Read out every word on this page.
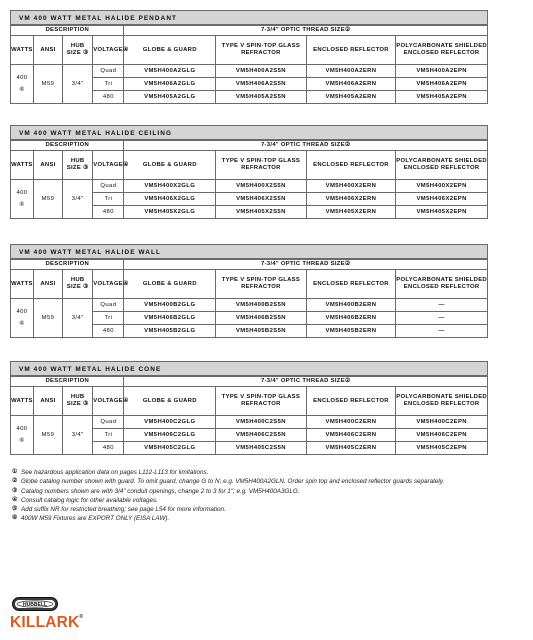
VM 400 WATT METAL HALIDE PENDANT
DESCRIPTION				7-3/4" OPTIC THREAD SIZE②			
WATTS	ANSI	HUB SIZE ③	VOLTAGE④	GLOBE & GUARD	TYPE V SPIN-TOP GLASS REFRACTOR	ENCLOSED REFLECTOR	POLYCARBONATE SHIELDED ENCLOSED REFLECTOR

400
⑥	M59	3/4"	Quad	VM5H400A2GLG	VM5H400A2S5N	VM5H400A2ERN	VM5H400A2EPN
			Tri	VM5H406A2GLG	VM5H406A2S5N	VM5H406A2ERN	VM5H406A2EPN
			480	VM5H405A2GLG	VM5H405A2S5N	VM5H405A2ERN	VM5H405A2EPN
VM 400 WATT METAL HALIDE CEILING
DESCRIPTION				7-3/4" OPTIC THREAD SIZE②			
WATTS	ANSI	HUB SIZE ③	VOLTAGE④	GLOBE & GUARD	TYPE V SPIN-TOP GLASS REFRACTOR	ENCLOSED REFLECTOR	POLYCARBONATE SHIELDED ENCLOSED REFLECTOR

400
⑥	M59	3/4"	Quad	VM5H400X2GLG	VM5H400X2S5N	VM5H400X2ERN	VM5H400X2EPN
			Tri	VM5H406X2GLG	VM5H406X2S5N	VM5H406X2ERN	VM5H406X2EPN
			480	VM5H405X2GLG	VM5H405X2S5N	VM5H405X2ERN	VM5H405X2EPN
VM 400 WATT METAL HALIDE WALL
DESCRIPTION				7-3/4" OPTIC THREAD SIZE②			
WATTS	ANSI	HUB SIZE ③	VOLTAGE④	GLOBE & GUARD	TYPE V SPIN-TOP GLASS REFRACTOR	ENCLOSED REFLECTOR	POLYCARBONATE SHIELDED ENCLOSED REFLECTOR

400
⑥	M59	3/4"	Quad	VM5H400B2GLG	VM5H400B2S5N	VM5H400B2ERN	—
			Tri	VM5H406B2GLG	VM5H406B2S5N	VM5H406B2ERN	—
			480	VM5H405B2GLG	VM5H405B2S5N	VM5H405B2ERN	—
VM 400 WATT METAL HALIDE CONE
DESCRIPTION				7-3/4" OPTIC THREAD SIZE②			
WATTS	ANSI	HUB SIZE ③	VOLTAGE④	GLOBE & GUARD	TYPE V SPIN-TOP GLASS REFRACTOR	ENCLOSED REFLECTOR	POLYCARBONATE SHIELDED ENCLOSED REFLECTOR

400
⑥	M59	3/4"	Quad	VM5H400C2GLG	VM5H400C2S5N	VM5H400C2ERN	VM5H400C2EPN
			Tri	VM5H406C2GLG	VM5H406C2S5N	VM5H406C2ERN	VM5H406C2EPN
			480	VM5H405C2GLG	VM5H405C2S5N	VM5H405C2ERN	VM5H405C2EPN
① See hazardous application data on pages L112-L113 for limitations.
② Globe catalog number shown with guard. To omit guard, change G to N; e.g. VM5H400A2GLN. Order spin top and enclosed reflector guards separately.
③ Catalog numbers shown are with 3/4" conduit openings, change 2 to 3 for 1"; e.g. VM5H400A3GLG.
④ Consult catalog logic for other available voltages.
⑤ Add suffix NR for restricted breathing; see page L54 for more information.
⑥ 400W M59 Fixtures are EXPORT ONLY (EISA LAW).
HUBBELL
KILLARK®
